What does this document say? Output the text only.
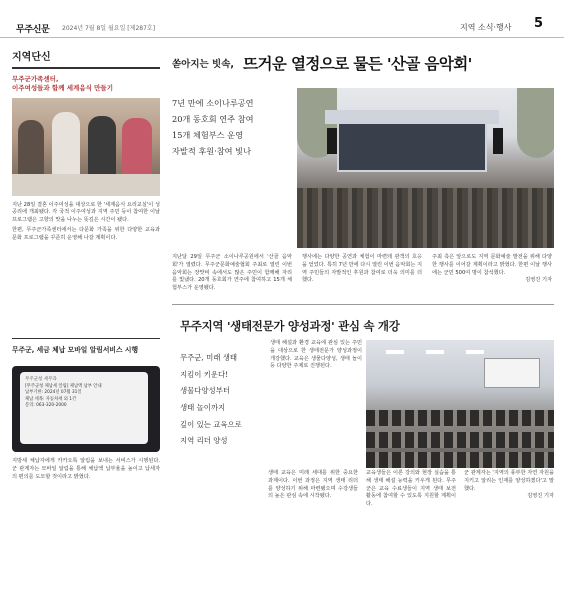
무주신문 2024년 7월 8일 월요일 [제287호]	지역 소식·행사 5
지역단신
무주군가족센터,
이주여성들과 함께 세계음식 만들기

지난 28일 결혼 이주여성을 대상으로 한 '세계음식 요리교실'이 성공리에 개최됐다. 각 국적 이주여성과 지역 주민 등이 참여한 이날 프로그램은 고향의 맛을 나누는 뜻깊은 시간이 됐다.

한편, 무주군가족센터에서는 다문화 가족을 위한 다양한 교육과 문화 프로그램을 꾸준히 운영해 나갈 계획이다.

무주군, 세금 체납 모바일 알림서비스 시행
무주군청 세무과
[무주군청 체납세 알림] 체납액 납부 안내
납부기한: 2024년 07월 31일
체납 세목: 자동차세 외 1건
문의: 063-320-2000
지방세 체납자에게 카카오톡 알림을 보내는 서비스가 시행된다. 군 관계자는 모바일 알림을 통해 체납액 납부율을 높이고 납세자의 편의를 도모할 것이라고 밝혔다.
쏟아지는 빗속, 뜨거운 열정으로 물든 '산골 음악회'
7년 만에 소이나루공연
20개 동호회 연주 참여
15개 체험부스 운영
자발적 후원·참여 빛나
지난달 29일 무주군 소이나루공원에서 '산골 음악회'가 열렸다. 무주군문화예술협회 주최로 열린 이번 음악회는 장맛비 속에서도 많은 주민이 함께해 자리를 빛냈다. 20개 동호회가 연주에 참여하고 15개 체험부스가 운영됐다.
행사에는 다양한 공연과 체험이 마련돼 관객의 호응을 얻었다. 특히 7년 만에 다시 열린 이번 음악회는 지역 주민들의 자발적인 후원과 참여로 더욱 의미를 더했다.
주최 측은 앞으로도 지역 문화예술 발전을 위해 다양한 행사를 이어갈 계획이라고 밝혔다. 한편 이날 행사에는 군민 500여 명이 참석했다.
김영진 기자
무주지역 '생태전문가 양성과정' 관심 속 개강
무주군, 미래 생태
지킴이 키운다!
생물다양성부터
생태 놀이까지
깊이 있는 교육으로
지역 리더 양성
생태 해설과 환경 교육에 관심 있는 주민을 대상으로 한 생태전문가 양성과정이 개강했다. 교육은 생물다양성, 생태 놀이 등 다양한 주제로 진행된다.
생태 교육은 미래 세대를 위한 중요한 과제이다. 이번 과정은 지역 생태 리더를 양성하기 위해 마련됐으며 수강생들의 높은 관심 속에 시작됐다.
교육생들은 이론 강의와 현장 실습을 통해 생태 해설 능력을 키우게 된다. 무주군은 교육 수료생들이 지역 생태 보전 활동에 참여할 수 있도록 지원할 계획이다.
군 관계자는 '지역의 풍부한 자연 자원을 지키고 알리는 인재를 양성하겠다'고 말했다.
김영진 기자
